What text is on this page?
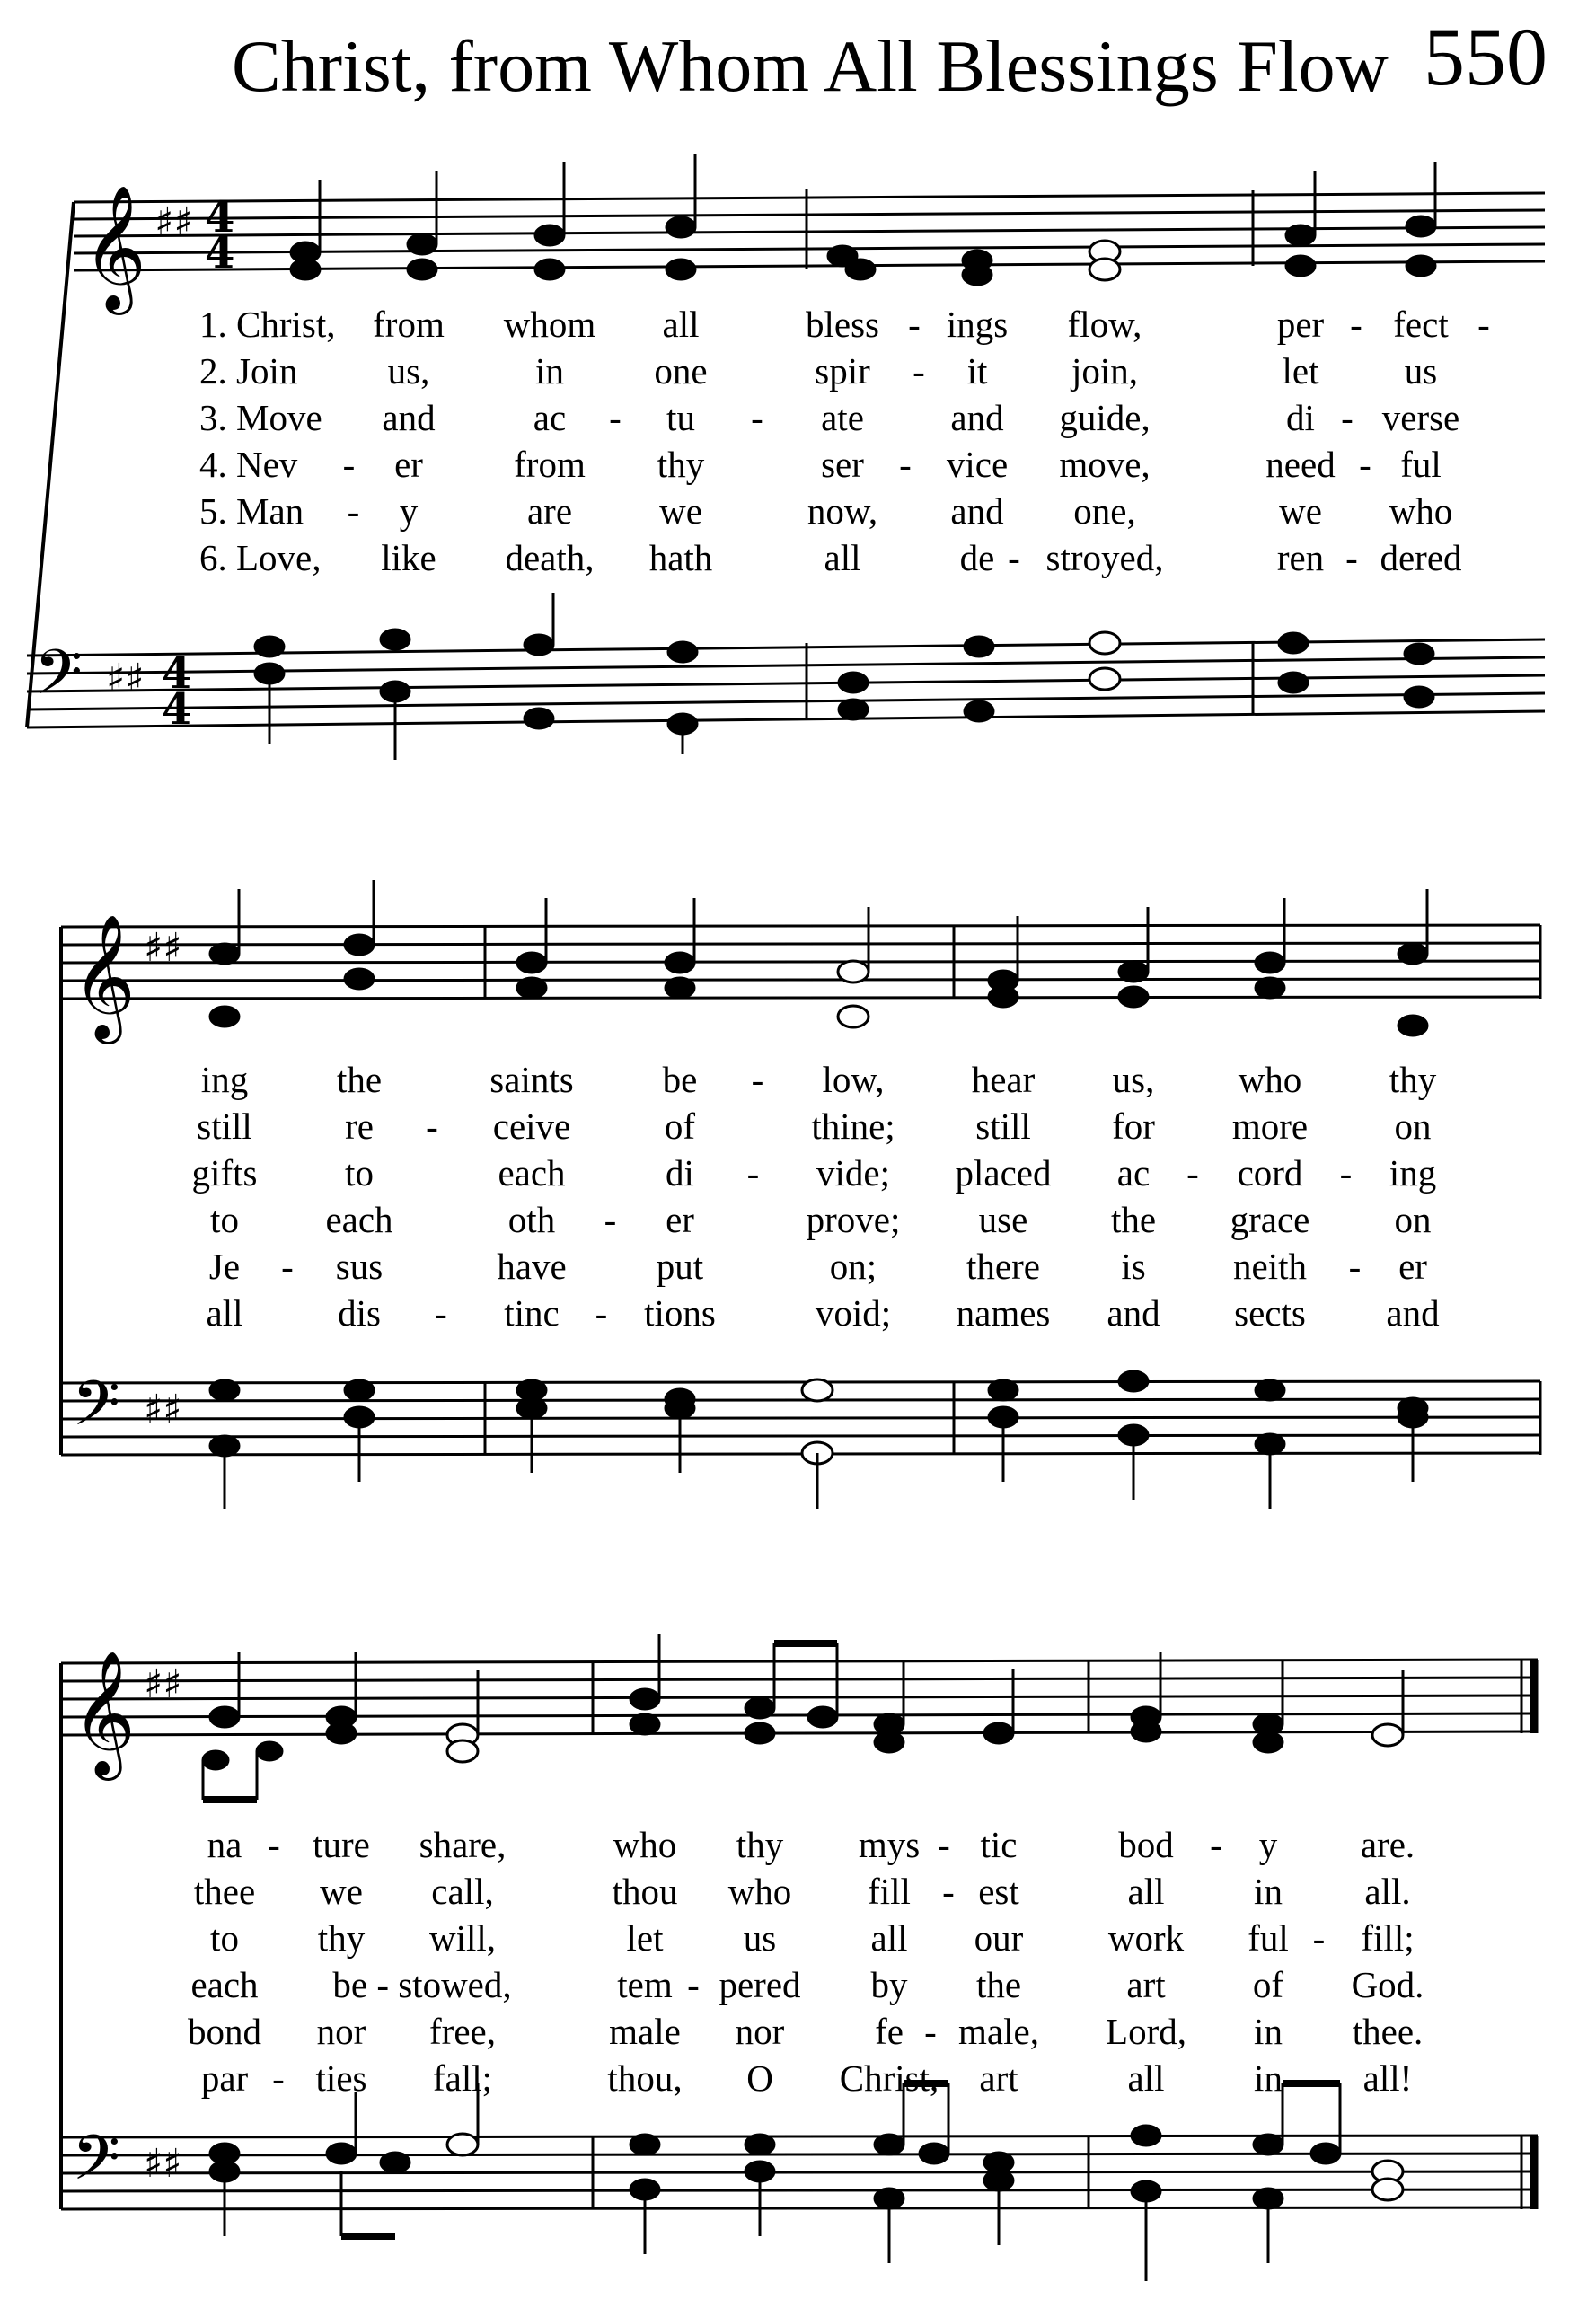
Christ, from Whom All Blessings Flow 550
𝄞
𝄢
♯♯
♯♯
4
4
4
4
1. Christ, from whom all	bless - ings flow,	per - fect -
2. Join us,	in one	spir - it join,	let us
3. Move and	ac - tu - ate and guide,	di - verse
4. Nev - er from thy	ser - vice move,	need - ful
5. Man - y	are we	now, and one,	we who
6. Love, like death, hath	all	de - stroyed,	ren - dered
𝄞
𝄢
♯♯
♯♯
ing the	saints be - low, hear us, who thy
still	re - ceive	of	thine; still for more on
gifts to	each	di - vide; placed ac - cord - ing
to each	oth - er	prove; use the grace on
Je - sus	have put	on; there is neith - er
all	dis - tinc - tions	void; names and sects and
𝄞
𝄢
♯♯
♯♯
na - ture share,	who thy mys - tic	bod - y are.
thee we call,	thou who fill - est	all in all.
to thy will,	let us	all our work ful - fill;
each be - stowed,	tem - pered by the	art of God.
bond nor free,	male nor fe - male, Lord, in thee.
par - ties fall;	thou, O Christ, art	all in all!
